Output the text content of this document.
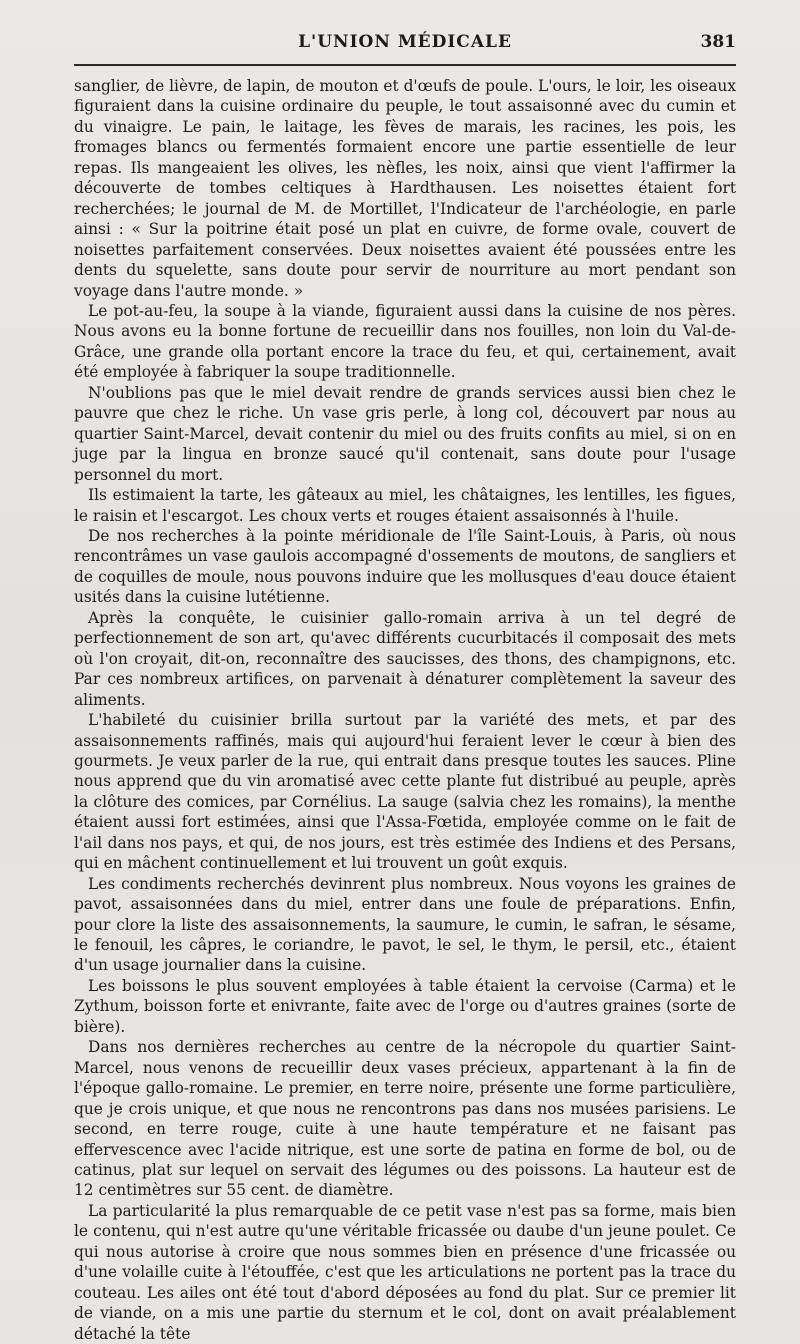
L'UNION MÉDICALE	381

sanglier, de lièvre, de lapin, de mouton et d'œufs de poule. L'ours, le loir, les oiseaux figuraient dans la cuisine ordinaire du peuple, le tout assaisonné avec du cumin et du vinaigre. Le pain, le laitage, les fèves de marais, les racines, les pois, les fromages blancs ou fermentés formaient encore une partie essentielle de leur repas. Ils mangeaient les olives, les nèfles, les noix, ainsi que vient l'affirmer la découverte de tombes celtiques à Hardthausen. Les noisettes étaient fort recherchées; le journal de M. de Mortillet, l'Indicateur de l'archéologie, en parle ainsi : « Sur la poitrine était posé un plat en cuivre, de forme ovale, couvert de noisettes parfaitement conservées. Deux noisettes avaient été poussées entre les dents du squelette, sans doute pour servir de nourriture au mort pendant son voyage dans l'autre monde. »

Le pot-au-feu, la soupe à la viande, figuraient aussi dans la cuisine de nos pères. Nous avons eu la bonne fortune de recueillir dans nos fouilles, non loin du Val-de-Grâce, une grande olla portant encore la trace du feu, et qui, certainement, avait été employée à fabriquer la soupe traditionnelle.

N'oublions pas que le miel devait rendre de grands services aussi bien chez le pauvre que chez le riche. Un vase gris perle, à long col, découvert par nous au quartier Saint-Marcel, devait contenir du miel ou des fruits confits au miel, si on en juge par la lingua en bronze saucé qu'il contenait, sans doute pour l'usage personnel du mort.

Ils estimaient la tarte, les gâteaux au miel, les châtaignes, les lentilles, les figues, le raisin et l'escargot. Les choux verts et rouges étaient assaisonnés à l'huile.

De nos recherches à la pointe méridionale de l'île Saint-Louis, à Paris, où nous rencontrâmes un vase gaulois accompagné d'ossements de moutons, de sangliers et de coquilles de moule, nous pouvons induire que les mollusques d'eau douce étaient usités dans la cuisine lutétienne.

Après la conquête, le cuisinier gallo-romain arriva à un tel degré de perfectionnement de son art, qu'avec différents cucurbitacés il composait des mets où l'on croyait, dit-on, reconnaître des saucisses, des thons, des champignons, etc. Par ces nombreux artifices, on parvenait à dénaturer complètement la saveur des aliments.

L'habileté du cuisinier brilla surtout par la variété des mets, et par des assaisonnements raffinés, mais qui aujourd'hui feraient lever le cœur à bien des gourmets. Je veux parler de la rue, qui entrait dans presque toutes les sauces. Pline nous apprend que du vin aromatisé avec cette plante fut distribué au peuple, après la clôture des comices, par Cornélius. La sauge (salvia chez les romains), la menthe étaient aussi fort estimées, ainsi que l'Assa-Fœtida, employée comme on le fait de l'ail dans nos pays, et qui, de nos jours, est très estimée des Indiens et des Persans, qui en mâchent continuellement et lui trouvent un goût exquis.

Les condiments recherchés devinrent plus nombreux. Nous voyons les graines de pavot, assaisonnées dans du miel, entrer dans une foule de préparations. Enfin, pour clore la liste des assaisonnements, la saumure, le cumin, le safran, le sésame, le fenouil, les câpres, le coriandre, le pavot, le sel, le thym, le persil, etc., étaient d'un usage journalier dans la cuisine.

Les boissons le plus souvent employées à table étaient la cervoise (Carma) et le Zythum, boisson forte et enivrante, faite avec de l'orge ou d'autres graines (sorte de bière).

Dans nos dernières recherches au centre de la nécropole du quartier Saint-Marcel, nous venons de recueillir deux vases précieux, appartenant à la fin de l'époque gallo-romaine. Le premier, en terre noire, présente une forme particulière, que je crois unique, et que nous ne rencontrons pas dans nos musées parisiens. Le second, en terre rouge, cuite à une haute température et ne faisant pas effervescence avec l'acide nitrique, est une sorte de patina en forme de bol, ou de catinus, plat sur lequel on servait des légumes ou des poissons. La hauteur est de 12 centimètres sur 55 cent. de diamètre.

La particularité la plus remarquable de ce petit vase n'est pas sa forme, mais bien le contenu, qui n'est autre qu'une véritable fricassée ou daube d'un jeune poulet. Ce qui nous autorise à croire que nous sommes bien en présence d'une fricassée ou d'une volaille cuite à l'étouffée, c'est que les articulations ne portent pas la trace du couteau. Les ailes ont été tout d'abord déposées au fond du plat. Sur ce premier lit de viande, on a mis une partie du sternum et le col, dont on avait préalablement détaché la tête
